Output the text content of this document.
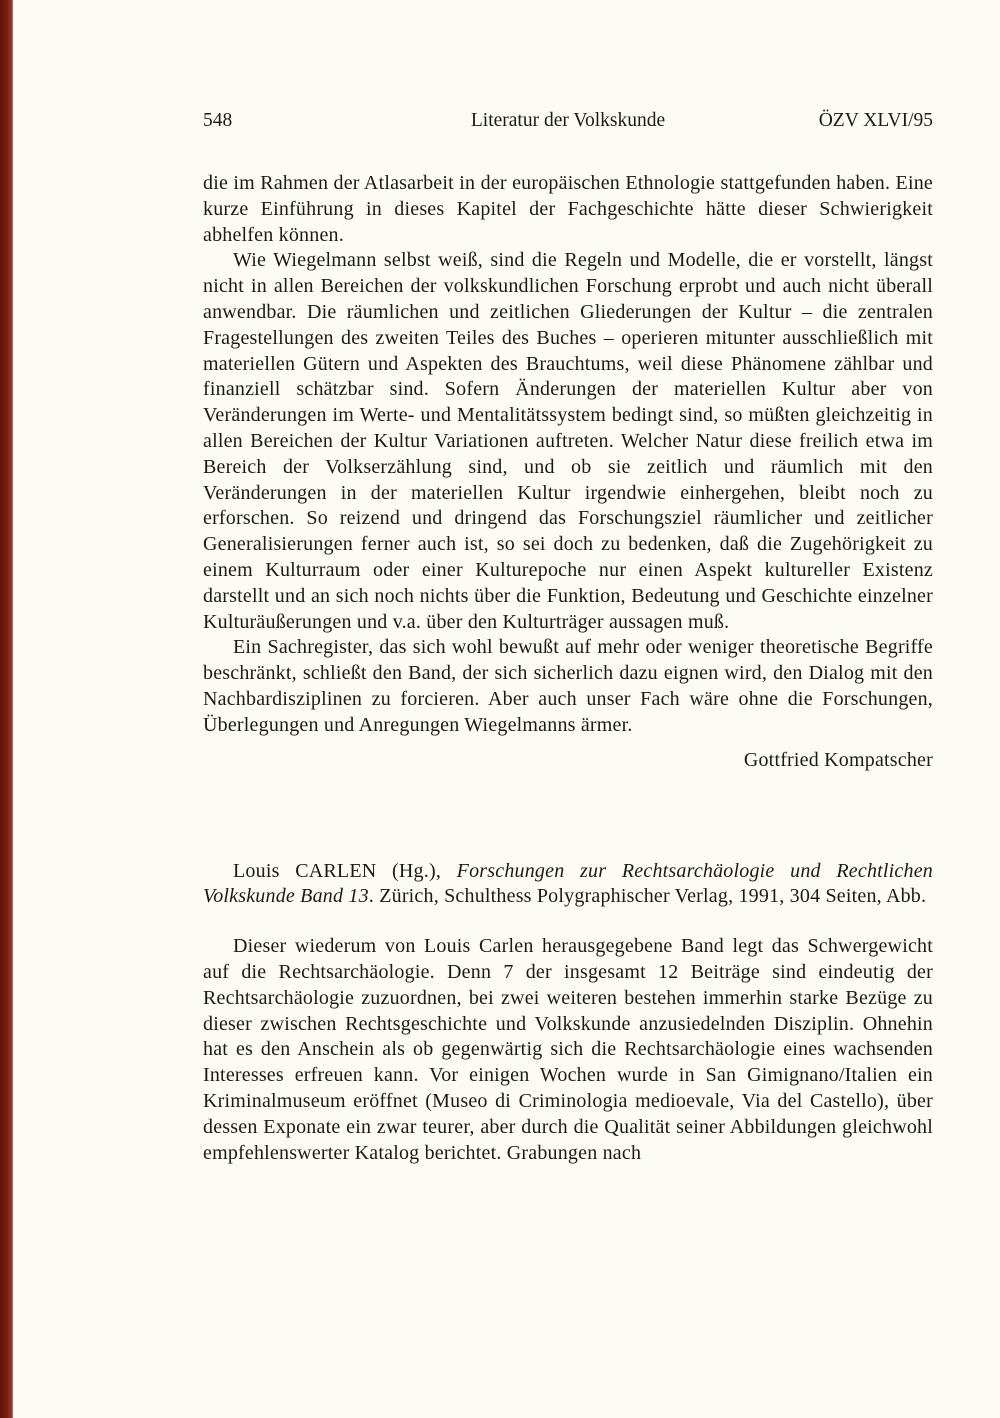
548	Literatur der Volkskunde	ÖZV XLVI/95

die im Rahmen der Atlasarbeit in der europäischen Ethnologie stattgefunden haben. Eine kurze Einführung in dieses Kapitel der Fachgeschichte hätte dieser Schwierigkeit abhelfen können.

Wie Wiegelmann selbst weiß, sind die Regeln und Modelle, die er vorstellt, längst nicht in allen Bereichen der volkskundlichen Forschung erprobt und auch nicht überall anwendbar. Die räumlichen und zeitlichen Gliederungen der Kultur – die zentralen Fragestellungen des zweiten Teiles des Buches – operieren mitunter ausschließlich mit materiellen Gütern und Aspekten des Brauchtums, weil diese Phänomene zählbar und finanziell schätzbar sind. Sofern Änderungen der materiellen Kultur aber von Veränderungen im Werte- und Mentalitätssystem bedingt sind, so müßten gleichzeitig in allen Bereichen der Kultur Variationen auftreten. Welcher Natur diese freilich etwa im Bereich der Volkserzählung sind, und ob sie zeitlich und räumlich mit den Veränderungen in der materiellen Kultur irgendwie einhergehen, bleibt noch zu erforschen. So reizend und dringend das Forschungsziel räumlicher und zeitlicher Generalisierungen ferner auch ist, so sei doch zu bedenken, daß die Zugehörigkeit zu einem Kulturraum oder einer Kulturepoche nur einen Aspekt kultureller Existenz darstellt und an sich noch nichts über die Funktion, Bedeutung und Geschichte einzelner Kulturäußerungen und v.a. über den Kulturträger aussagen muß.

Ein Sachregister, das sich wohl bewußt auf mehr oder weniger theoretische Begriffe beschränkt, schließt den Band, der sich sicherlich dazu eignen wird, den Dialog mit den Nachbardisziplinen zu forcieren. Aber auch unser Fach wäre ohne die Forschungen, Überlegungen und Anregungen Wiegelmanns ärmer.

Gottfried Kompatscher

Louis CARLEN (Hg.), Forschungen zur Rechtsarchäologie und Rechtlichen Volkskunde Band 13. Zürich, Schulthess Polygraphischer Verlag, 1991, 304 Seiten, Abb.

Dieser wiederum von Louis Carlen herausgegebene Band legt das Schwergewicht auf die Rechtsarchäologie. Denn 7 der insgesamt 12 Beiträge sind eindeutig der Rechtsarchäologie zuzuordnen, bei zwei weiteren bestehen immerhin starke Bezüge zu dieser zwischen Rechtsgeschichte und Volkskunde anzusiedelnden Disziplin. Ohnehin hat es den Anschein als ob gegenwärtig sich die Rechtsarchäologie eines wachsenden Interesses erfreuen kann. Vor einigen Wochen wurde in San Gimignano/Italien ein Kriminalmuseum eröffnet (Museo di Criminologia medioevale, Via del Castello), über dessen Exponate ein zwar teurer, aber durch die Qualität seiner Abbildungen gleichwohl empfehlenswerter Katalog berichtet. Grabungen nach
